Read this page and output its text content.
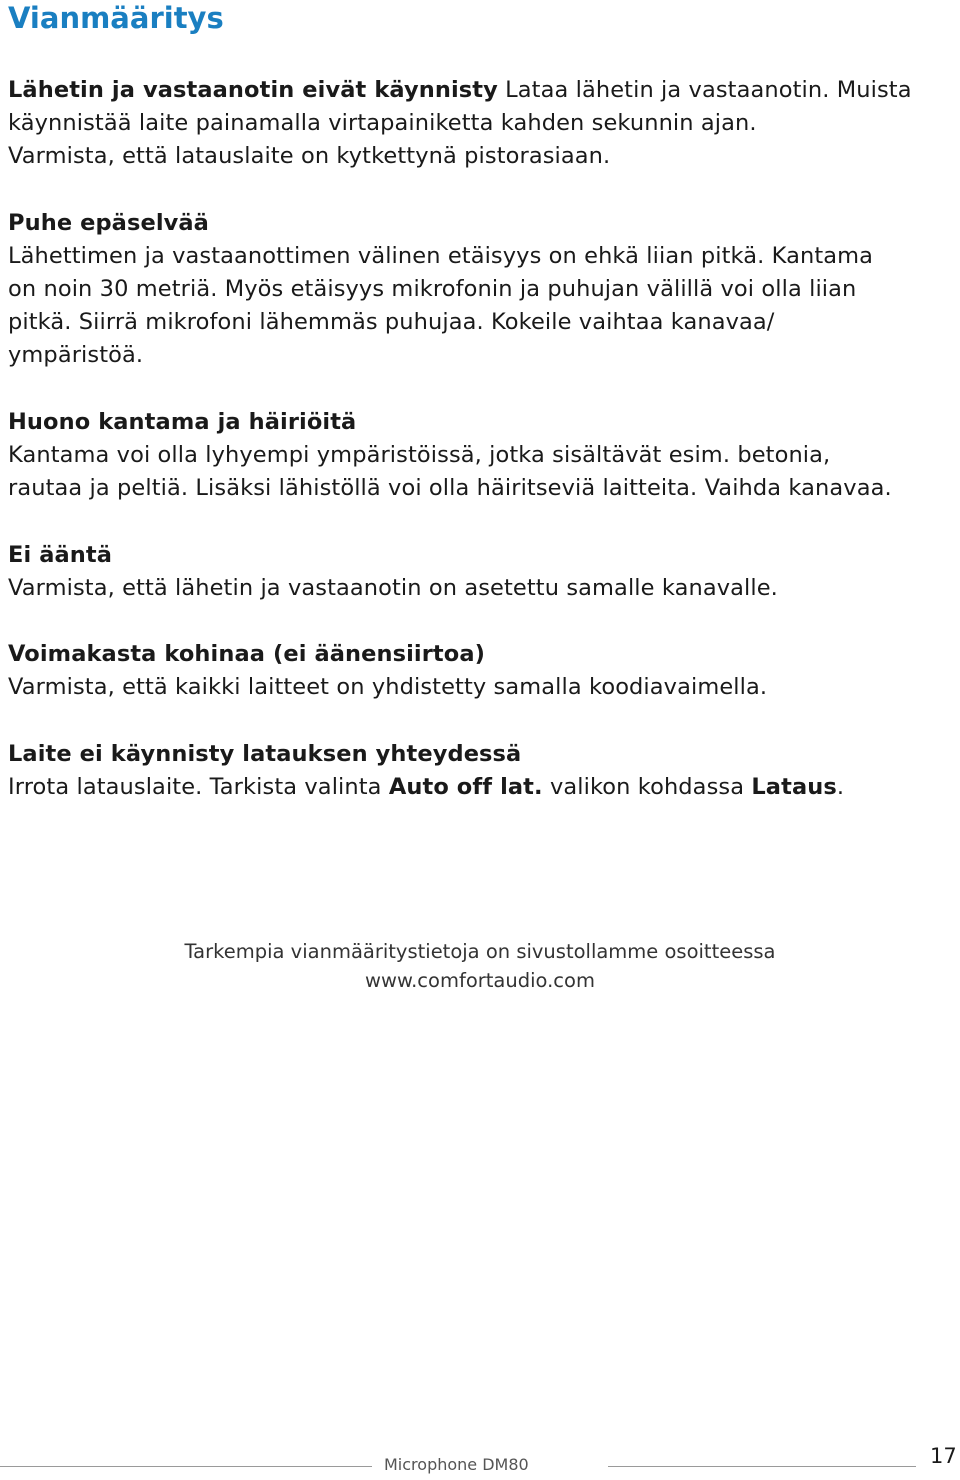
Vianmääritys
Lähetin ja vastaanotin eivät käynnisty Lataa lähetin ja vastaanotin. Muista
käynnistää laite painamalla virtapainiketta kahden sekunnin ajan.
Varmista, että latauslaite on kytkettynä pistorasiaan.
Puhe epäselvää
Lähettimen ja vastaanottimen välinen etäisyys on ehkä liian pitkä. Kantama
on noin 30 metriä. Myös etäisyys mikrofonin ja puhujan välillä voi olla liian
pitkä. Siirrä mikrofoni lähemmäs puhujaa. Kokeile vaihtaa kanavaa/
ympäristöä.
Huono kantama ja häiriöitä
Kantama voi olla lyhyempi ympäristöissä, jotka sisältävät esim. betonia,
rautaa ja peltiä. Lisäksi lähistöllä voi olla häiritseviä laitteita. Vaihda kanavaa.
Ei ääntä
Varmista, että lähetin ja vastaanotin on asetettu samalle kanavalle.
Voimakasta kohinaa (ei äänensiirtoa)
Varmista, että kaikki laitteet on yhdistetty samalla koodiavaimella.
Laite ei käynnisty latauksen yhteydessä
Irrota latauslaite. Tarkista valinta Auto off lat. valikon kohdassa Lataus.
Tarkempia vianmääritystietoja on sivustollamme osoitteessa
www.comfortaudio.com
Microphone DM80	17
